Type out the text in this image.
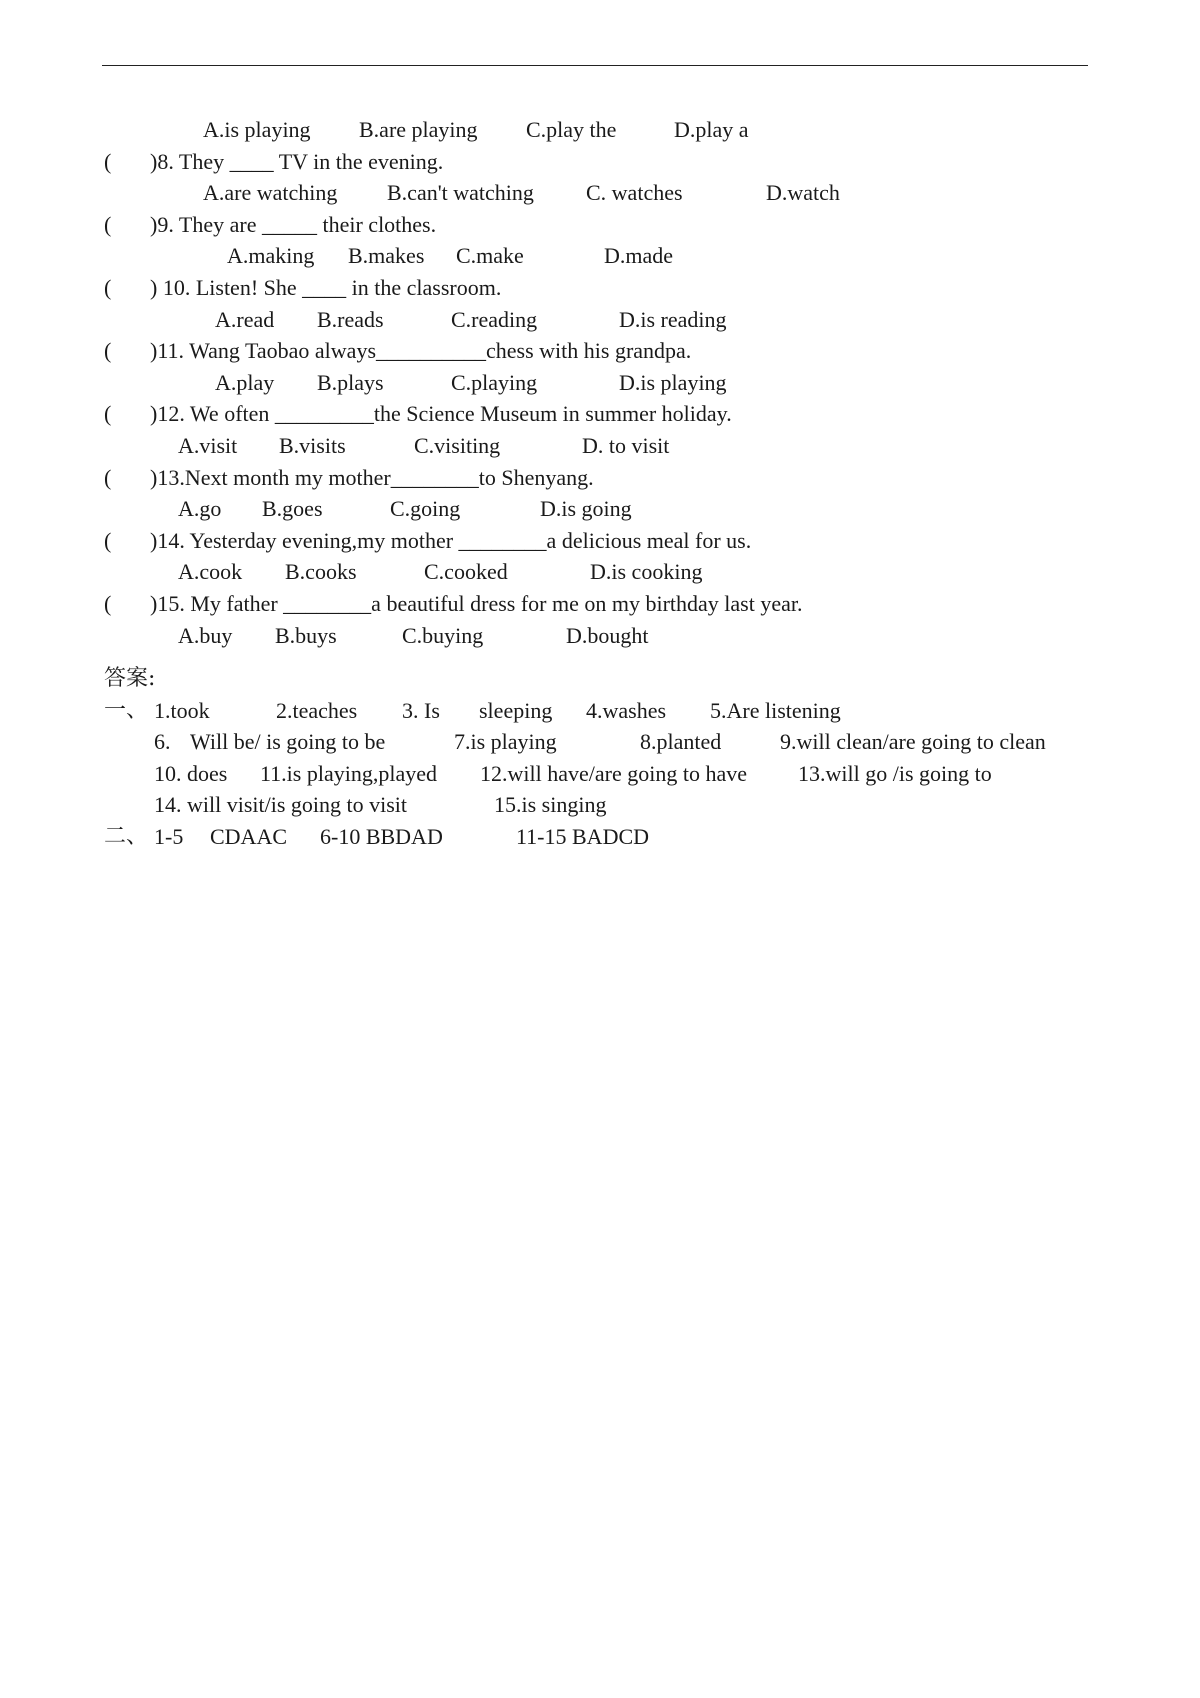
A.is playing

B.are playing

C.play the

	D.play a

(

)8. They ____ TV in the evening.

A.are watching

B.can't watching

C. watches

	D.watch

(

)9. They are _____ their clothes.

A.making

B.makes

C.make

	D.made

(

) 10. Listen! She ____ in the classroom.

A.read

B.reads

	C.reading

	D.is reading

(

)11. Wang Taobao always__________chess with his grandpa.

A.play

B.plays

	C.playing

	D.is playing

(

)12. We often _________the Science Museum in summer holiday.

A.visit

B.visits

	C.visiting

	D. to visit

(

)13.Next month my mother________to Shenyang.

A.go

B.goes

	C.going

	D.is going

(

)14. Yesterday evening,my mother ________a delicious meal for us.

A.cook

B.cooks

	C.cooked

	D.is cooking

(

)15. My father ________a beautiful dress for me on my birthday last year.

A.buy

B.buys

	C.buying

	D.bought

答案:

一、

1.took

	2.teaches

3. Is

sleeping

4.washes

5.Are listening

6.

Will be/ is going to be

	7.is playing

	8.planted

	9.will clean/are going to clean

10. does

11.is playing,played

12.will have/are going to have

13.will go /is going to

14. will visit/is going to visit

	15.is singing

二、

1-5

CDAAC

6-10 BBDAD

	11-15 BADCD
